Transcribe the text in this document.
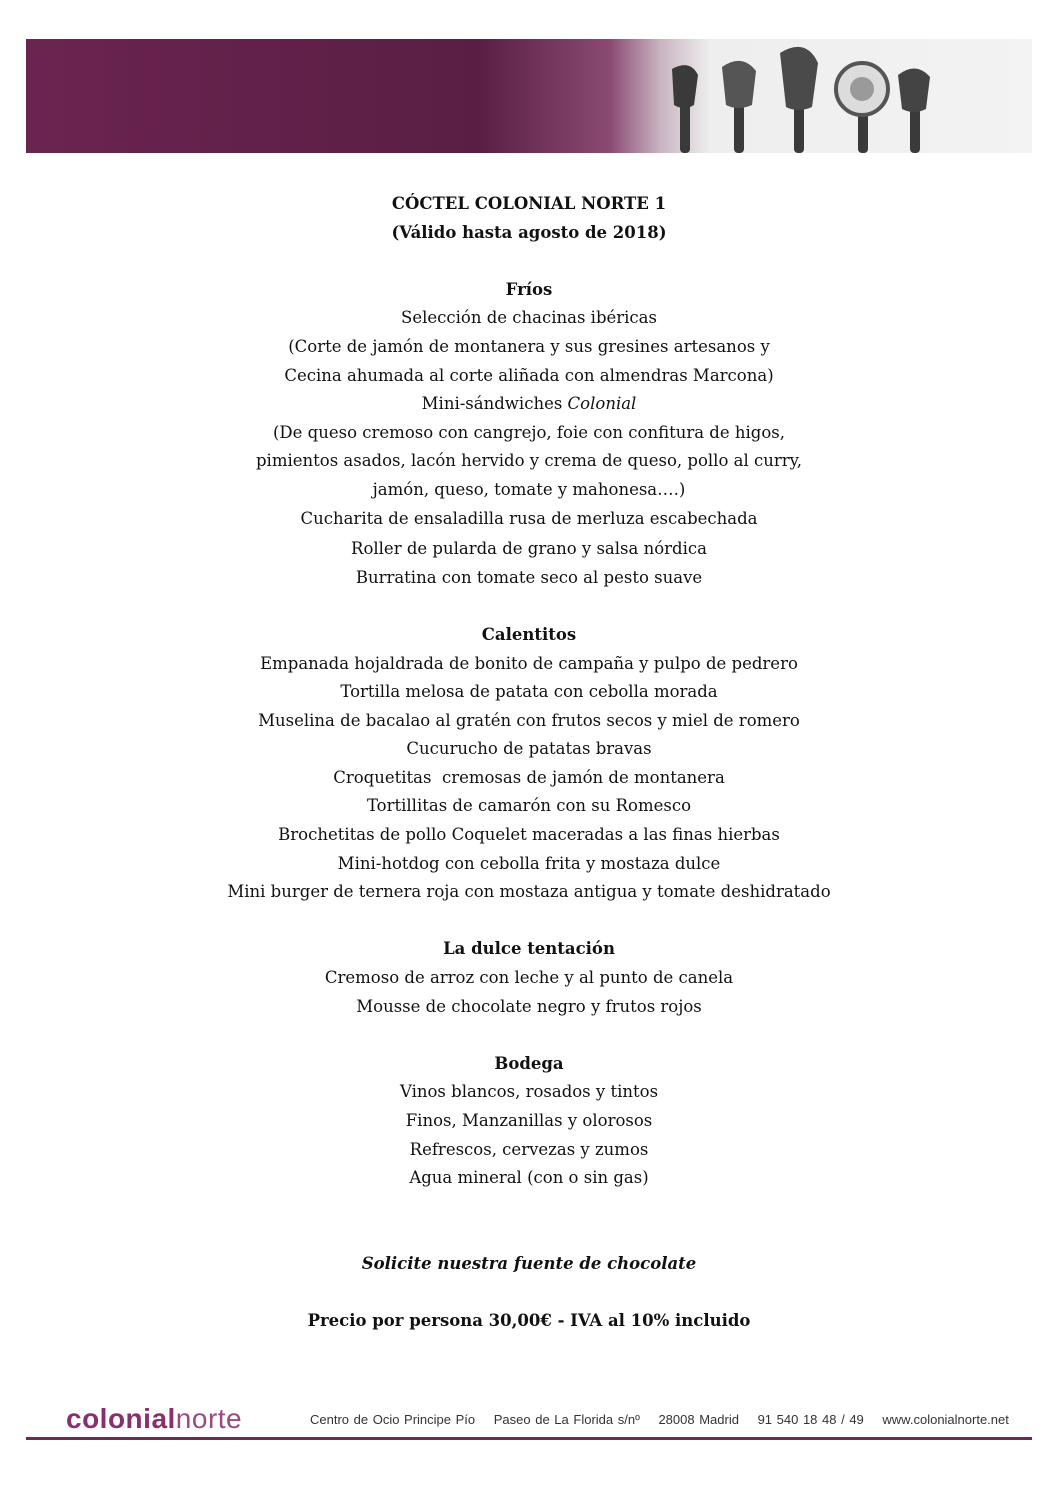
CÓCTEL COLONIAL NORTE 1
(Válido hasta agosto de 2018)
Fríos
Selección de chacinas ibéricas
(Corte de jamón de montanera y sus gresines artesanos y
Cecina ahumada al corte aliñada con almendras Marcona)
Mini-sándwiches Colonial
(De queso cremoso con cangrejo, foie con confitura de higos,
pimientos asados, lacón hervido y crema de queso, pollo al curry,
jamón, queso, tomate y mahonesa….)
Cucharita de ensaladilla rusa de merluza escabechada
Roller de pularda de grano y salsa nórdica
Burratina con tomate seco al pesto suave
Calentitos
Empanada hojaldrada de bonito de campaña y pulpo de pedrero
Tortilla melosa de patata con cebolla morada
Muselina de bacalao al gratén con frutos secos y miel de romero
Cucurucho de patatas bravas
Croquetitas  cremosas de jamón de montanera
Tortillitas de camarón con su Romesco
Brochetitas de pollo Coquelet maceradas a las finas hierbas
Mini-hotdog con cebolla frita y mostaza dulce
Mini burger de ternera roja con mostaza antigua y tomate deshidratado
La dulce tentación
Cremoso de arroz con leche y al punto de canela
Mousse de chocolate negro y frutos rojos
Bodega
Vinos blancos, rosados y tintos
Finos, Manzanillas y olorosos
Refrescos, cervezas y zumos
Agua mineral (con o sin gas)
Solicite nuestra fuente de chocolate
Precio por persona 30,00€ - IVA al 10% incluido
colonialnorte	Centro de Ocio Principe Pío Paseo de La Florida s/nº 28008 Madrid 91 540 18 48 / 49 www.colonialnorte.net
